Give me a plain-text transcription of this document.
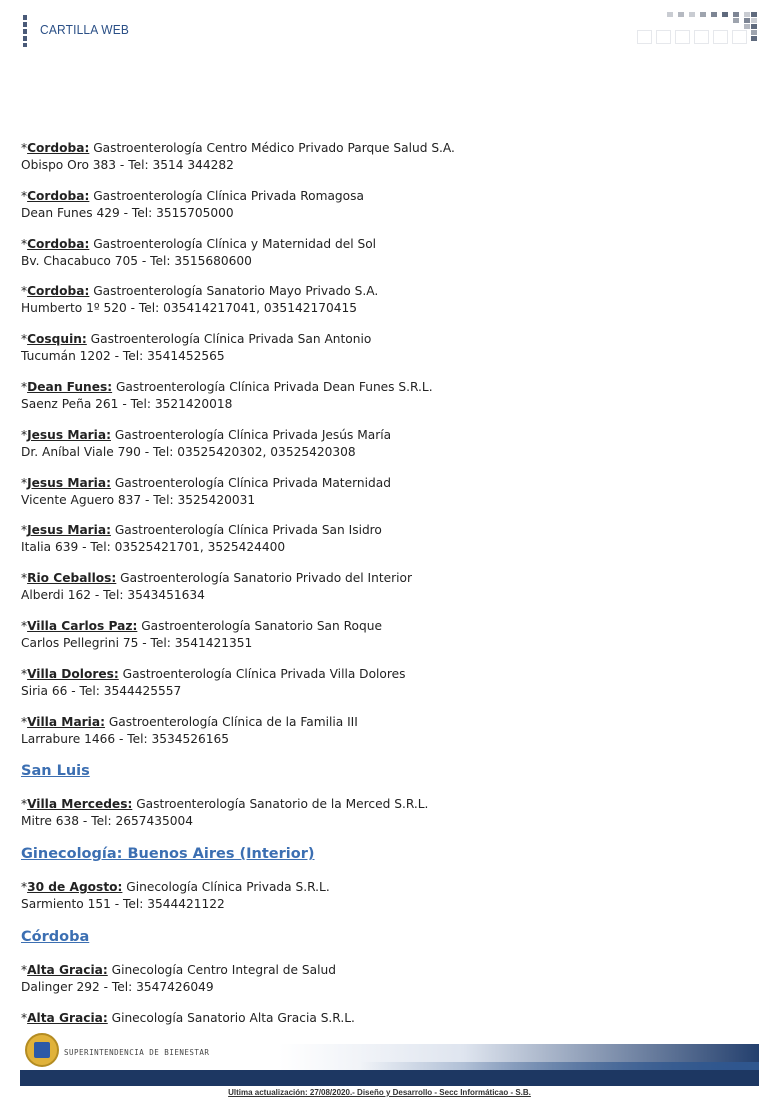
CARTILLA WEB
*Cordoba: Gastroenterología Centro Médico Privado Parque Salud S.A.
Obispo Oro 383 - Tel: 3514 344282
*Cordoba: Gastroenterología Clínica Privada Romagosa
Dean Funes 429 - Tel: 3515705000
*Cordoba: Gastroenterología Clínica y Maternidad del Sol
Bv. Chacabuco 705 - Tel: 3515680600
*Cordoba: Gastroenterología Sanatorio Mayo Privado S.A.
Humberto 1º 520 - Tel: 035414217041, 035142170415
*Cosquin: Gastroenterología Clínica Privada San Antonio
Tucumán 1202 - Tel: 3541452565
*Dean Funes: Gastroenterología Clínica Privada Dean Funes S.R.L.
Saenz Peña 261 - Tel: 3521420018
*Jesus Maria: Gastroenterología Clínica Privada Jesús María
Dr. Aníbal Viale 790 - Tel: 03525420302, 03525420308
*Jesus Maria: Gastroenterología Clínica Privada Maternidad
Vicente Aguero 837 - Tel: 3525420031
*Jesus Maria: Gastroenterología Clínica Privada San Isidro
Italia 639 - Tel: 03525421701, 3525424400
*Rio Ceballos: Gastroenterología Sanatorio Privado del Interior
Alberdi 162 - Tel: 3543451634
*Villa Carlos Paz: Gastroenterología Sanatorio San Roque
Carlos Pellegrini 75 - Tel: 3541421351
*Villa Dolores: Gastroenterología Clínica Privada Villa Dolores
Siria 66 - Tel: 3544425557
*Villa Maria: Gastroenterología Clínica de la Familia III
Larrabure 1466 - Tel: 3534526165
San Luis
*Villa Mercedes: Gastroenterología Sanatorio de la Merced S.R.L.
Mitre 638 - Tel: 2657435004
Ginecología: Buenos Aires (Interior)
*30 de Agosto: Ginecología Clínica Privada S.R.L.
Sarmiento 151 - Tel: 3544421122
Córdoba
*Alta Gracia: Ginecología Centro Integral de Salud
Dalinger 292 - Tel: 3547426049
*Alta Gracia: Ginecología Sanatorio Alta Gracia S.R.L.
SUPERINTENDENCIA DE BIENESTAR
Ultima actualización: 27/08/2020.- Diseño y Desarrollo - Secc Informáticao - S.B.
